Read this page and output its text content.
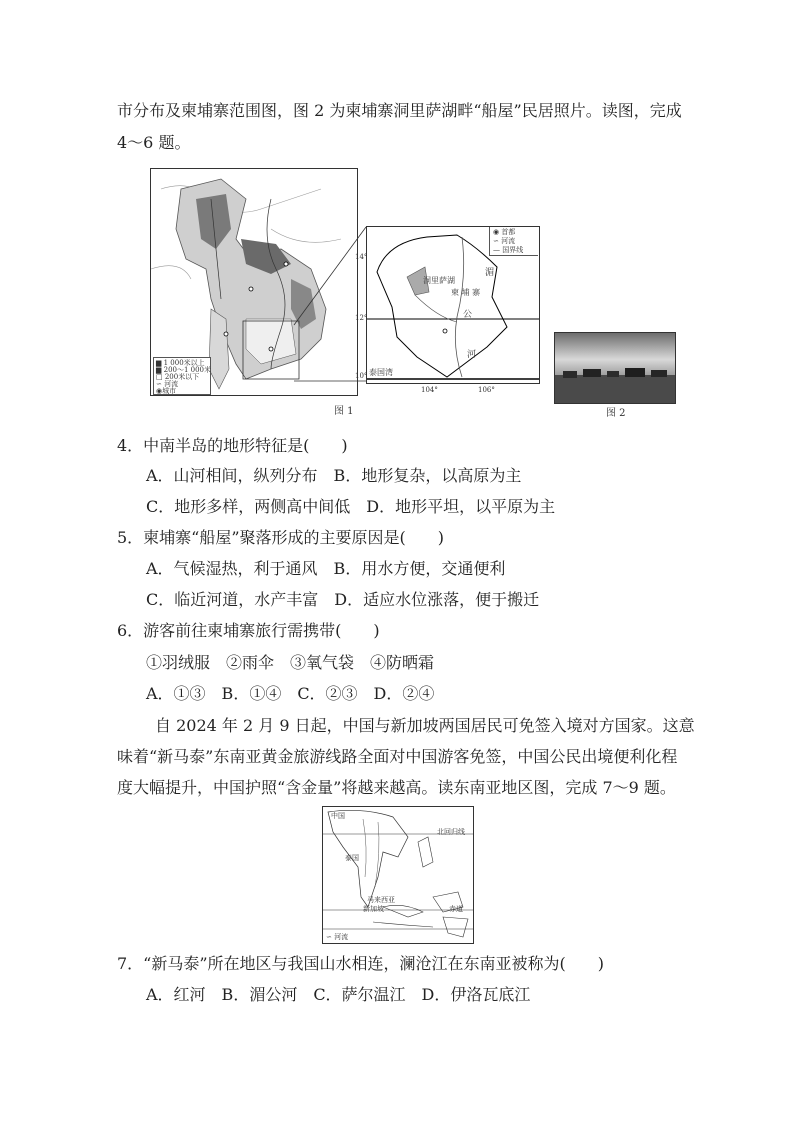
市分布及柬埔寨范围图，图 2 为柬埔寨洞里萨湖畔“船屋”民居照片。读图，完成
4～6 题。
▆ 1 000米以上
▆ 200～1 000米
□ 200米以下
∽ 河流
◉城市
14°
12°
10°
洞里萨湖
柬 埔 寨
湄
公
河
泰国湾
◉ 首都
∽ 河流
— 国界线
104°	106°
图 1	图 2
4．中南半岛的地形特征是(　　)
A．山河相间，纵列分布　B．地形复杂，以高原为主
C．地形多样，两侧高中间低　D．地形平坦，以平原为主
5．柬埔寨“船屋”聚落形成的主要原因是(　　)
A．气候湿热，利于通风　B．用水方便，交通便利
C．临近河道，水产丰富　D．适应水位涨落，便于搬迁
6．游客前往柬埔寨旅行需携带(　　)
①羽绒服　②雨伞　③氧气袋　④防晒霜
A．①③　B．①④　C．②③　D．②④
自 2024 年 2 月 9 日起，中国与新加坡两国居民可免签入境对方国家。这意
味着“新马泰”东南亚黄金旅游线路全面对中国游客免签，中国公民出境便利化程
度大幅提升，中国护照“含金量”将越来越高。读东南亚地区图，完成 7～9 题。
中国
北回归线
泰国
马来西亚
新加坡	赤道
∽ 河流
7．“新马泰”所在地区与我国山水相连，澜沧江在东南亚被称为(　　)
A．红河　B．湄公河　C．萨尔温江　D．伊洛瓦底江
